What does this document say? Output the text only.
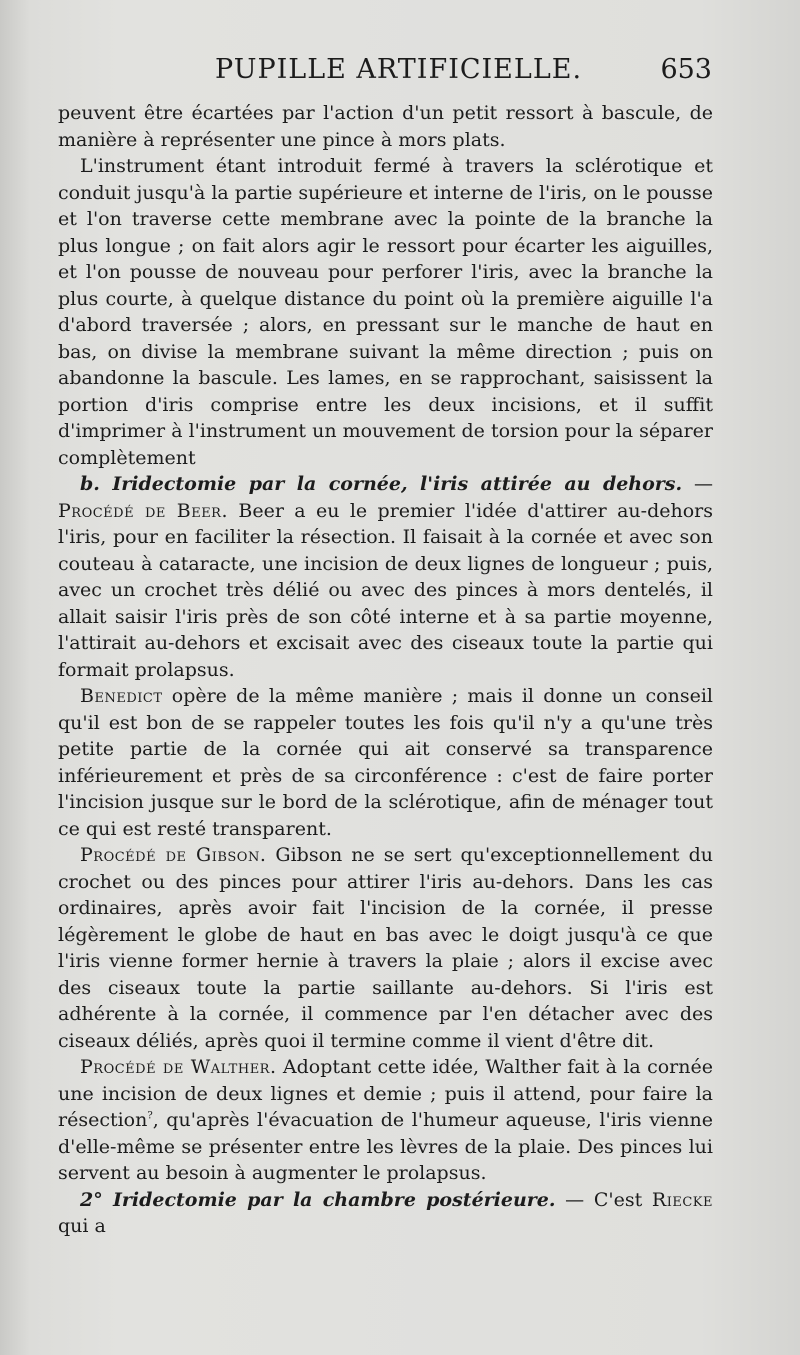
PUPILLE ARTIFICIELLE.	653

peuvent être écartées par l'action d'un petit ressort à bascule, de manière à représenter une pince à mors plats.

L'instrument étant introduit fermé à travers la sclérotique et conduit jusqu'à la partie supérieure et interne de l'iris, on le pousse et l'on traverse cette membrane avec la pointe de la branche la plus longue ; on fait alors agir le ressort pour écarter les aiguilles, et l'on pousse de nouveau pour perforer l'iris, avec la branche la plus courte, à quelque distance du point où la première aiguille l'a d'abord traversée ; alors, en pressant sur le manche de haut en bas, on divise la membrane suivant la même direction ; puis on abandonne la bascule. Les lames, en se rapprochant, saisissent la portion d'iris comprise entre les deux incisions, et il suffit d'imprimer à l'instrument un mouvement de torsion pour la séparer complètement

b. Iridectomie par la cornée, l'iris attirée au dehors. — Procédé de Beer. Beer a eu le premier l'idée d'attirer au-dehors l'iris, pour en faciliter la résection. Il faisait à la cornée et avec son couteau à cataracte, une incision de deux lignes de longueur ; puis, avec un crochet très délié ou avec des pinces à mors dentelés, il allait saisir l'iris près de son côté interne et à sa partie moyenne, l'attirait au-dehors et excisait avec des ciseaux toute la partie qui formait prolapsus.

Benedict opère de la même manière ; mais il donne un conseil qu'il est bon de se rappeler toutes les fois qu'il n'y a qu'une très petite partie de la cornée qui ait conservé sa transparence inférieurement et près de sa circonférence : c'est de faire porter l'incision jusque sur le bord de la sclérotique, afin de ménager tout ce qui est resté transparent.

Procédé de Gibson. Gibson ne se sert qu'exceptionnellement du crochet ou des pinces pour attirer l'iris au-dehors. Dans les cas ordinaires, après avoir fait l'incision de la cornée, il presse légèrement le globe de haut en bas avec le doigt jusqu'à ce que l'iris vienne former hernie à travers la plaie ; alors il excise avec des ciseaux toute la partie saillante au-dehors. Si l'iris est adhérente à la cornée, il commence par l'en détacher avec des ciseaux déliés, après quoi il termine comme il vient d'être dit.

Procédé de Walther. Adoptant cette idée, Walther fait à la cornée une incision de deux lignes et demie ; puis il attend, pour faire la résection?, qu'après l'évacuation de l'humeur aqueuse, l'iris vienne d'elle-même se présenter entre les lèvres de la plaie. Des pinces lui servent au besoin à augmenter le prolapsus.

2° Iridectomie par la chambre postérieure. — C'est Riecke qui a
